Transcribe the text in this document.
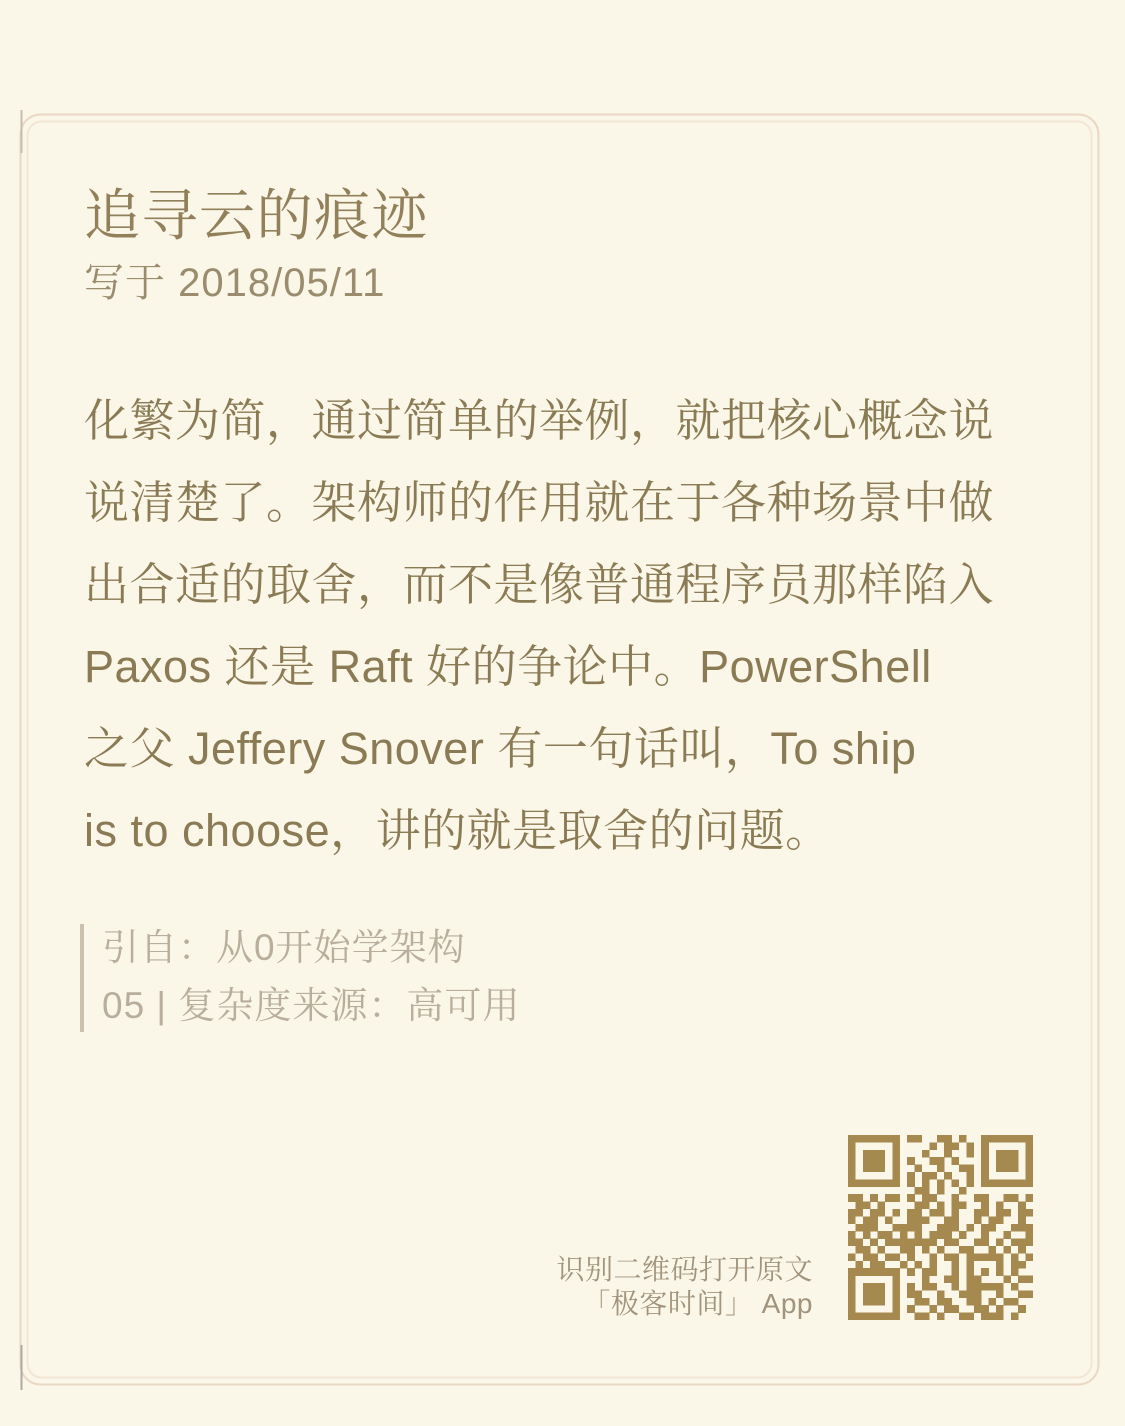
追寻云的痕迹
写于 2018/05/11
化繁为简，通过简单的举例，就把核心概念说
说清楚了。架构师的作用就在于各种场景中做
出合适的取舍，而不是像普通程序员那样陷入
Paxos 还是 Raft 好的争论中。PowerShell
之父 Jeffery Snover 有一句话叫，To ship
is to choose，讲的就是取舍的问题。
引自：从0开始学架构
05 | 复杂度来源：高可用
识别二维码打开原文
「极客时间」 App
